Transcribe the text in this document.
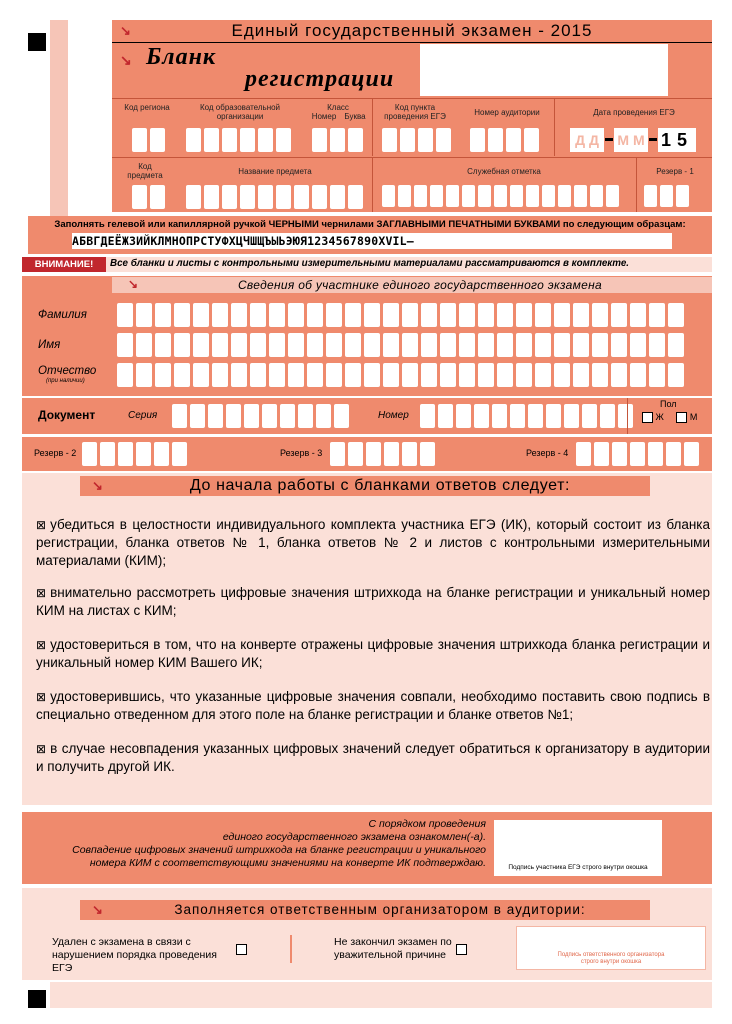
↘	Единый государственный экзамен - 2015
↘ Бланк
регистрации
Код региона	Код образовательной организации
Класс
Номер	Буква
Код пункта проведения ЕГЭ	Номер аудитории	Дата проведения ЕГЭ
Д Д	М М 15
Код предмета	Название предмета	Служебная отметка	Резерв - 1
Заполнять гелевой или капиллярной ручкой ЧЕРНЫМИ чернилами ЗАГЛАВНЫМИ ПЕЧАТНЫМИ БУКВАМИ по следующим образцам:
АБВГДЕЁЖЗИЙКЛМНОПРСТУФХЦЧШЩЪЫЬЭЮЯ1234567890XVIL–
ВНИМАНИЕ!	Все бланки и листы с контрольными измерительными материалами рассматриваются в комплекте.
↘	Сведения об участнике единого государственного экзамена
Фамилия
Имя
Отчество
(при наличии)
Документ	Серия	Номер
Пол
Ж	М
Резерв - 2	Резерв - 3	Резерв - 4
↘	До начала работы с бланками ответов следует:
⊠ убедиться в целостности индивидуального комплекта участника ЕГЭ (ИК), который состоит из бланка регистрации, бланка ответов № 1, бланка ответов № 2 и листов с контрольными измерительными материалами (КИМ);
⊠ внимательно рассмотреть цифровые значения штрихкода на бланке регистрации и уникальный номер КИМ на листах с КИМ;
⊠ удостовериться в том, что на конверте отражены цифровые значения штрихкода бланка регистрации и уникальный номер КИМ Вашего ИК;
⊠ удостоверившись, что указанные цифровые значения совпали, необходимо поставить свою подпись в специально отведенном для этого поле на бланке регистрации и бланке ответов №1;
⊠ в случае несовпадения указанных цифровых значений следует обратиться к организатору в аудитории и получить другой ИК.
С порядком проведения
единого государственного экзамена ознакомлен(-а).
Совпадение цифровых значений штрихкода на бланке регистрации и уникального
номера КИМ с соответствующими значениями на конверте ИК подтверждаю.	Подпись участника ЕГЭ строго внутри окошка
↘	Заполняется ответственным организатором в аудитории:
Удален с экзамена в связи с нарушением порядка проведения ЕГЭ
Не закончил экзамен по уважительной причине	Подпись ответственного организатора строго внутри окошка
